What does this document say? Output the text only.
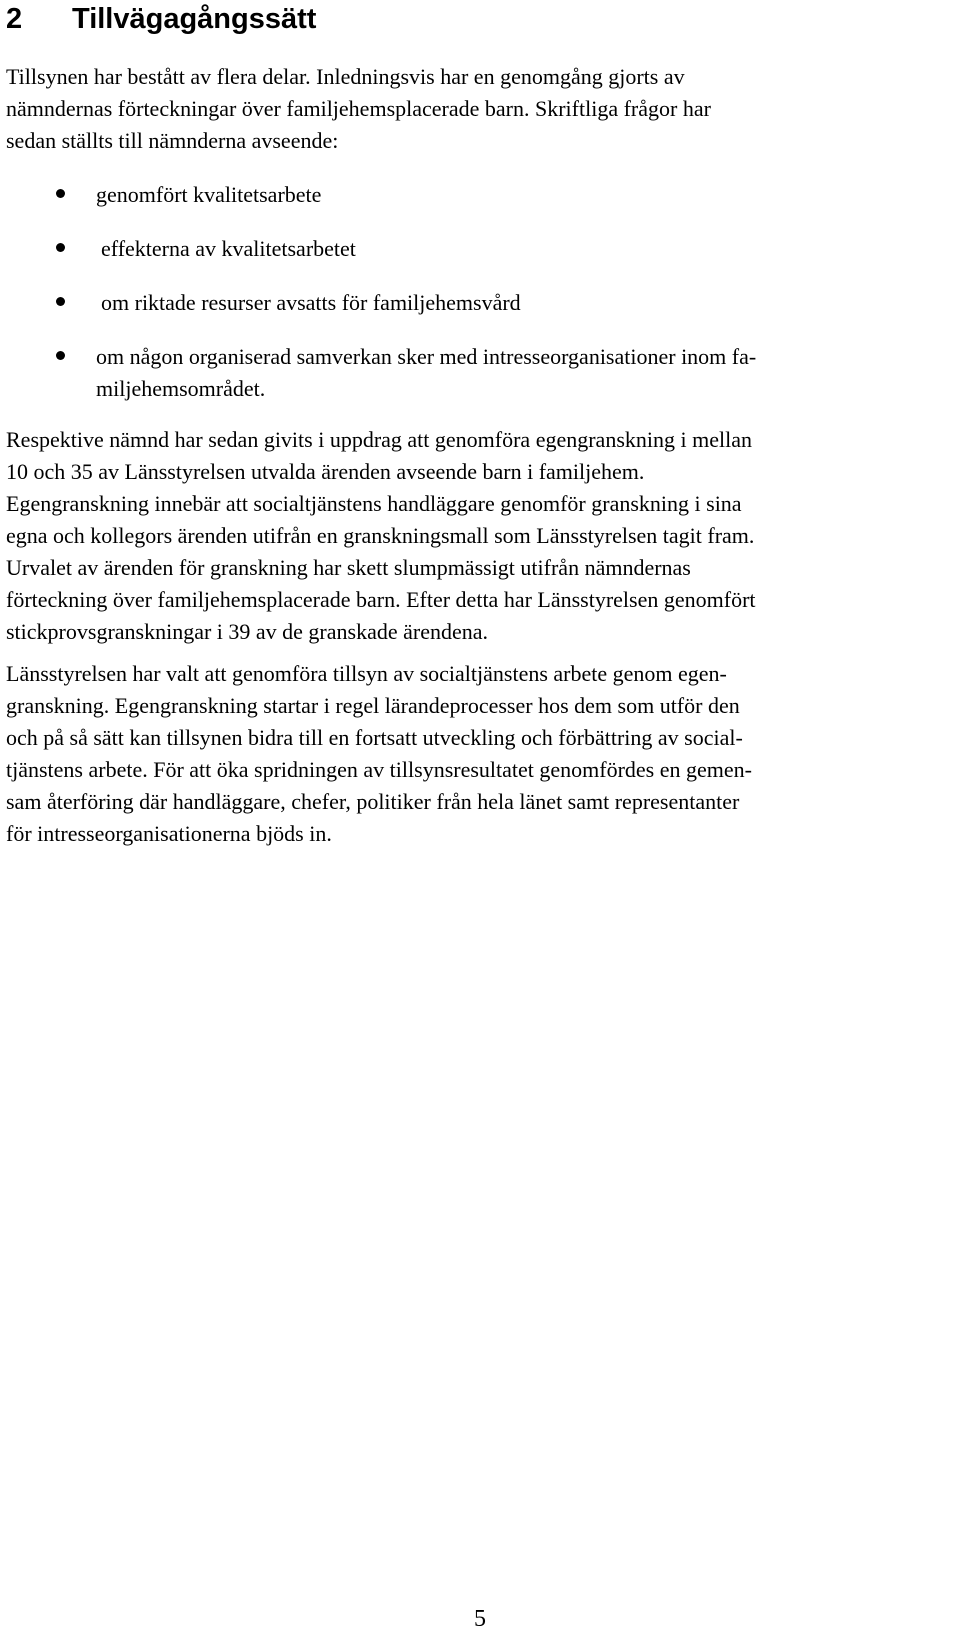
2 Tillvägagångssätt

Tillsynen har bestått av flera delar. Inledningsvis har en genomgång gjorts av
nämndernas förteckningar över familjehemsplacerade barn. Skriftliga frågor har
sedan ställts till nämnderna avseende:

genomfört kvalitetsarbete
effekterna av kvalitetsarbetet
om riktade resurser avsatts för familjehemsvård
om någon organiserad samverkan sker med intresseorganisationer inom fa-
miljehemsområdet.

Respektive nämnd har sedan givits i uppdrag att genomföra egengranskning i mellan
10 och 35 av Länsstyrelsen utvalda ärenden avseende barn i familjehem.
Egengranskning innebär att socialtjänstens handläggare genomför granskning i sina
egna och kollegors ärenden utifrån en granskningsmall som Länsstyrelsen tagit fram.
Urvalet av ärenden för granskning har skett slumpmässigt utifrån nämndernas
förteckning över familjehemsplacerade barn. Efter detta har Länsstyrelsen genomfört
stickprovsgranskningar i 39 av de granskade ärendena.

Länsstyrelsen har valt att genomföra tillsyn av socialtjänstens arbete genom egen-
granskning. Egengranskning startar i regel lärandeprocesser hos dem som utför den
och på så sätt kan tillsynen bidra till en fortsatt utveckling och förbättring av social-
tjänstens arbete. För att öka spridningen av tillsynsresultatet genomfördes en gemen-
sam återföring där handläggare, chefer, politiker från hela länet samt representanter
för intresseorganisationerna bjöds in.

5
